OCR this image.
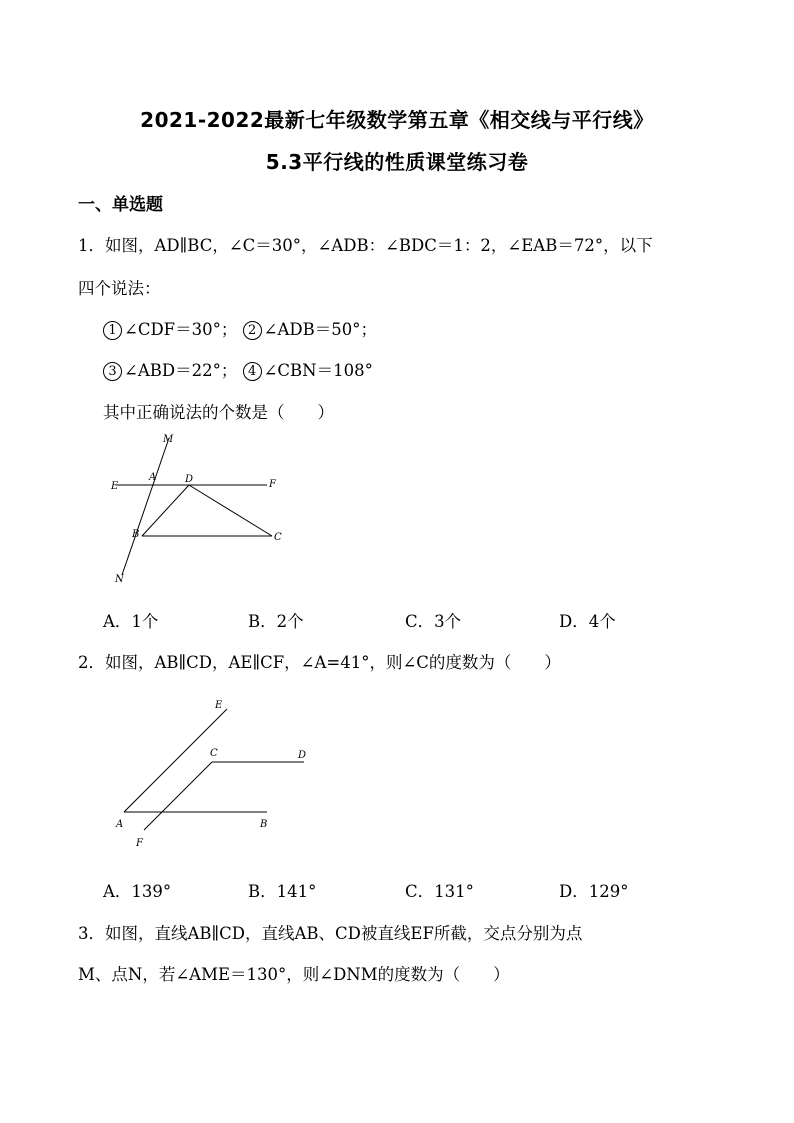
2021-2022最新七年级数学第五章《相交线与平行线》
5.3平行线的性质课堂练习卷
一、单选题
1．如图，AD∥BC，∠C＝30°，∠ADB：∠BDC＝1：2，∠EAB＝72°，以下
四个说法：
1 ∠CDF＝30°； 2 ∠ADB＝50°；
3 ∠ABD＝22°； 4 ∠CBN＝108°
其中正确说法的个数是（　　）
M
E
A	D	F
B	C
N
A．1个	B．2个	C．3个	D．4个
2．如图，AB∥CD，AE∥CF，∠A=41°，则∠C的度数为（　　）
E
C	D
A	B
F
A．139°	B．141°	C．131°	D．129°
3．如图，直线AB∥CD，直线AB、CD被直线EF所截，交点分别为点
M、点N，若∠AME＝130°，则∠DNM的度数为（　　）
